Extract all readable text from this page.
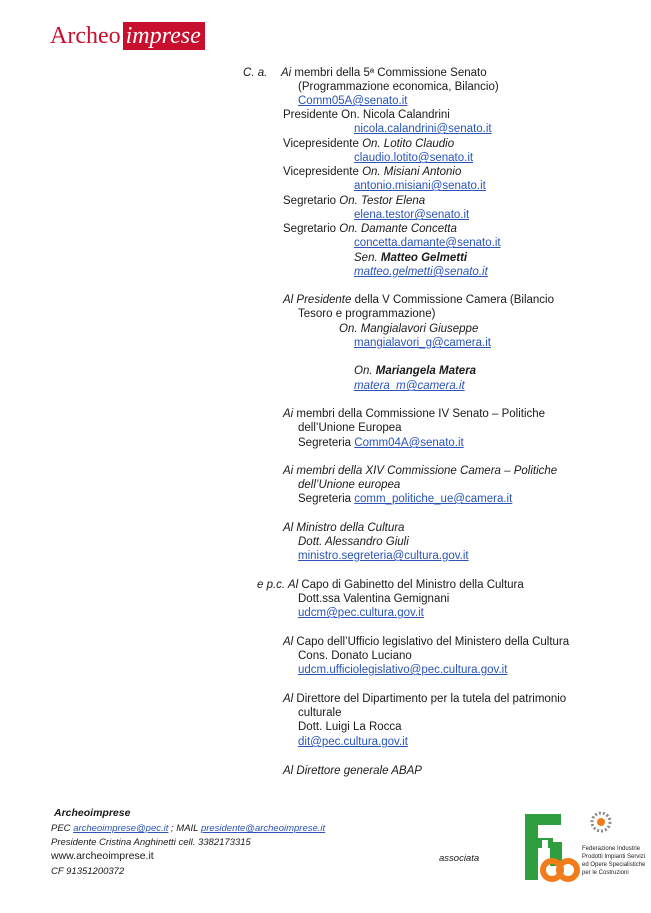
Archeo imprese
C. a. Ai membri della 5ª Commissione Senato
(Programmazione economica, Bilancio)
Comm05A@senato.it
Presidente On. Nicola Calandrini
nicola.calandrini@senato.it
Vicepresidente On. Lotito Claudio
claudio.lotito@senato.it
Vicepresidente On. Misiani Antonio
antonio.misiani@senato.it
Segretario On. Testor Elena
elena.testor@senato.it
Segretario On. Damante Concetta
concetta.damante@senato.it
Sen. Matteo Gelmetti
matteo.gelmetti@senato.it
Al Presidente della V Commissione Camera (Bilancio
Tesoro e programmazione)
On. Mangialavori Giuseppe
mangialavori_g@camera.it
On. Mariangela Matera
matera_m@camera.it
Ai membri della Commissione IV Senato – Politiche
dell’Unione Europea
Segreteria Comm04A@senato.it
Ai membri della XIV Commissione Camera – Politiche
dell’Unione europea
Segreteria comm_politiche_ue@camera.it
Al Ministro della Cultura
Dott. Alessandro Giuli
ministro.segreteria@cultura.gov.it
e p.c. Al Capo di Gabinetto del Ministro della Cultura
Dott.ssa Valentina Gemignani
udcm@pec.cultura.gov.it
Al Capo dell’Ufficio legislativo del Ministero della Cultura
Cons. Donato Luciano
udcm.ufficiolegislativo@pec.cultura.gov.it
Al Direttore del Dipartimento per la tutela del patrimonio
culturale
Dott. Luigi La Rocca
dit@pec.cultura.gov.it
Al Direttore generale ABAP
Archeoimprese
PEC archeoimprese@pec.it ; MAIL presidente@archeoimprese.it
Presidente Cristina Anghinetti cell. 3382173315
www.archeoimprese.it
CF 91351200372
associata
Federazione Industrie
Prodotti Impianti Servizi
ed Opere Specialistiche
per le Costruzioni
